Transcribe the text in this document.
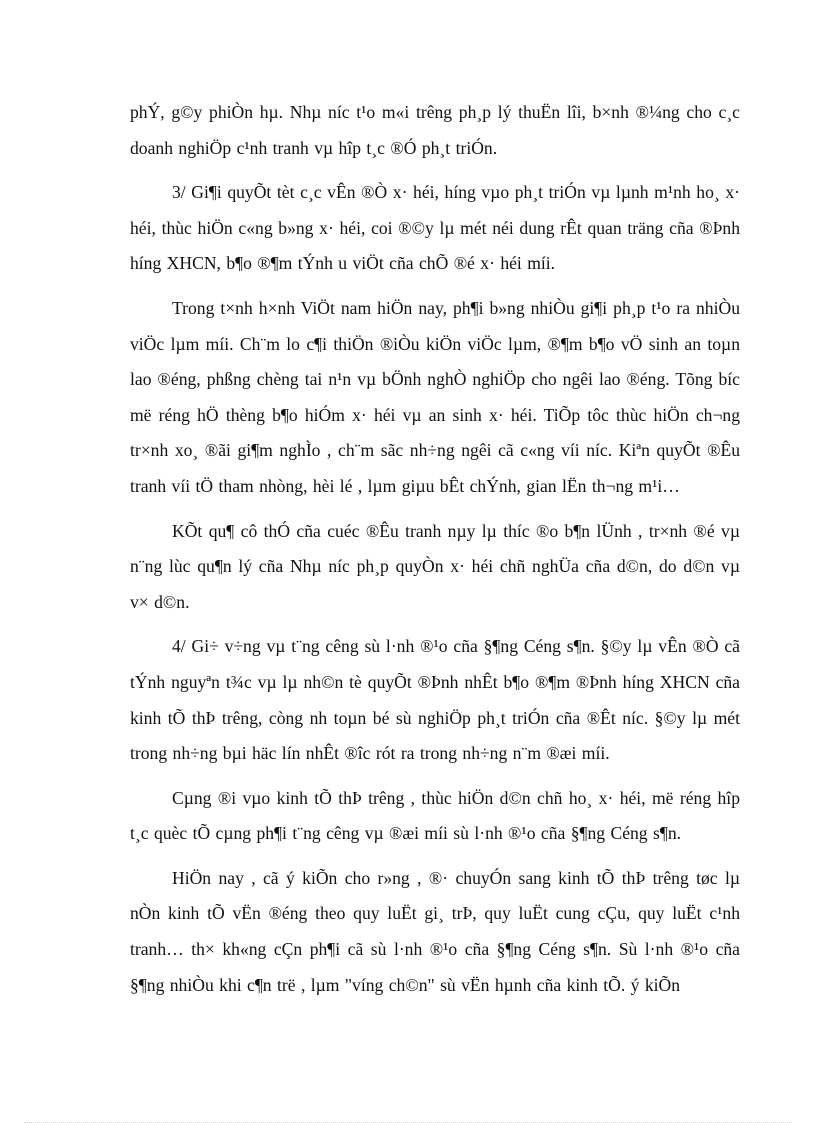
phÝ, g©y phiÒn hµ. Nhµ níc t¹o m«i trêng ph¸p lý thuËn lîi, b×nh ®¼ng cho c¸c doanh nghiÖp c¹nh tranh vµ hîp t¸c ®Ó ph¸t triÓn.

3/ Gi¶i quyÕt tèt c¸c vÊn ®Ò x· héi, híng vµo ph¸t triÓn vµ lµnh m¹nh ho¸ x· héi, thùc hiÖn c«ng b»ng x· héi, coi ®©y lµ mét néi dung rÊt quan träng cña ®Þnh híng XHCN, b¶o ®¶m tÝnh u viÖt cña chÕ ®é x· héi míi.

Trong t×nh h×nh ViÖt nam hiÖn nay, ph¶i b»ng nhiÒu gi¶i ph¸p t¹o ra nhiÒu viÖc lµm míi. Ch¨m lo c¶i thiÖn ®iÒu kiÖn viÖc lµm, ®¶m b¶o vÖ sinh an toµn lao ®éng, phßng chèng tai n¹n vµ bÖnh nghÒ nghiÖp cho ngêi lao ®éng. Tõng bíc më réng hÖ thèng b¶o hiÓm x· héi vµ an sinh x· héi. TiÕp tôc thùc hiÖn ch¬ng tr×nh xo¸ ®ãi gi¶m nghÌo , ch¨m sãc nh÷ng ngêi cã c«ng víi níc. Kiªn quyÕt ®Êu tranh víi tÖ tham nhòng, hèi lé , lµm giµu bÊt chÝnh, gian lËn th¬ng m¹i…

KÕt qu¶ cô thÓ cña cuéc ®Êu tranh nµy lµ thíc ®o b¶n lÜnh , tr×nh ®é vµ n¨ng lùc qu¶n lý cña Nhµ níc ph¸p quyÒn x· héi chñ nghÜa cña d©n, do d©n vµ v× d©n.

4/ Gi÷ v÷ng vµ t¨ng cêng sù l·nh ®¹o cña §¶ng Céng s¶n. §©y lµ vÊn ®Ò cã tÝnh nguyªn t¾c vµ lµ nh©n tè quyÕt ®Þnh nhÊt b¶o ®¶m ®Þnh híng XHCN cña kinh tÕ thÞ trêng, còng nh toµn bé sù nghiÖp ph¸t triÓn cña ®Êt níc. §©y lµ mét trong nh÷ng bµi häc lín nhÊt ®îc rót ra trong nh÷ng n¨m ®æi míi.

Cµng ®i vµo kinh tÕ thÞ trêng , thùc hiÖn d©n chñ ho¸ x· héi, më réng hîp t¸c quèc tÕ cµng ph¶i t¨ng cêng vµ ®æi míi sù l·nh ®¹o cña §¶ng Céng s¶n.

HiÖn nay , cã ý kiÕn cho r»ng , ®· chuyÓn sang kinh tÕ thÞ trêng tøc lµ nÒn kinh tÕ vËn ®éng theo quy luËt gi¸ trÞ, quy luËt cung cÇu, quy luËt c¹nh tranh… th× kh«ng cÇn ph¶i cã sù l·nh ®¹o cña §¶ng Céng s¶n. Sù l·nh ®¹o cña §¶ng nhiÒu khi c¶n trë , lµm "víng ch©n" sù vËn hµnh cña kinh tÕ. ý kiÕn
